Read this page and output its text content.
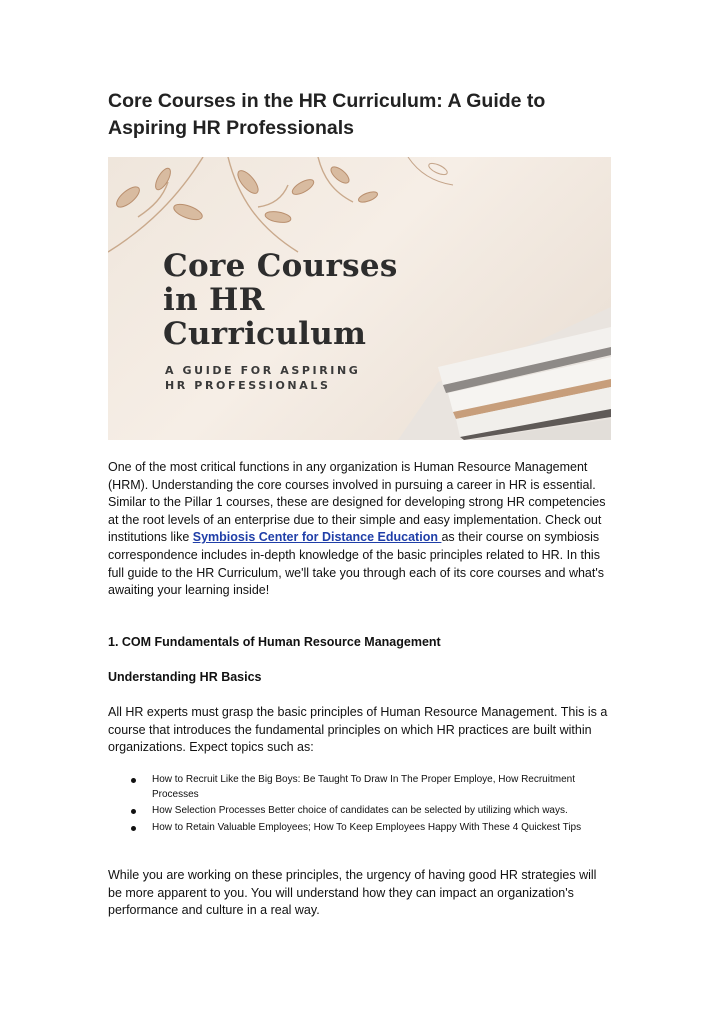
Core Courses in the HR Curriculum: A Guide to Aspiring HR Professionals
Core Courses
in HR
Curriculum
A GUIDE FOR ASPIRING
HR PROFESSIONALS

One of the most critical functions in any organization is Human Resource Management (HRM). Understanding the core courses involved in pursuing a career in HR is essential. Similar to the Pillar 1 courses, these are designed for developing strong HR competencies at the root levels of an enterprise due to their simple and easy implementation. Check out institutions like Symbiosis Center for Distance Education as their course on symbiosis correspondence includes in-depth knowledge of the basic principles related to HR. In this full guide to the HR Curriculum, we'll take you through each of its core courses and what's awaiting your learning inside!

1. COM Fundamentals of Human Resource Management

Understanding HR Basics

All HR experts must grasp the basic principles of Human Resource Management. This is a course that introduces the fundamental principles on which HR practices are built within organizations. Expect topics such as:

How to Recruit Like the Big Boys: Be Taught To Draw In The Proper Employe, How Recruitment Processes
How Selection Processes Better choice of candidates can be selected by utilizing which ways.
How to Retain Valuable Employees; How To Keep Employees Happy With These 4 Quickest Tips

While you are working on these principles, the urgency of having good HR strategies will be more apparent to you. You will understand how they can impact an organization's performance and culture in a real way.
